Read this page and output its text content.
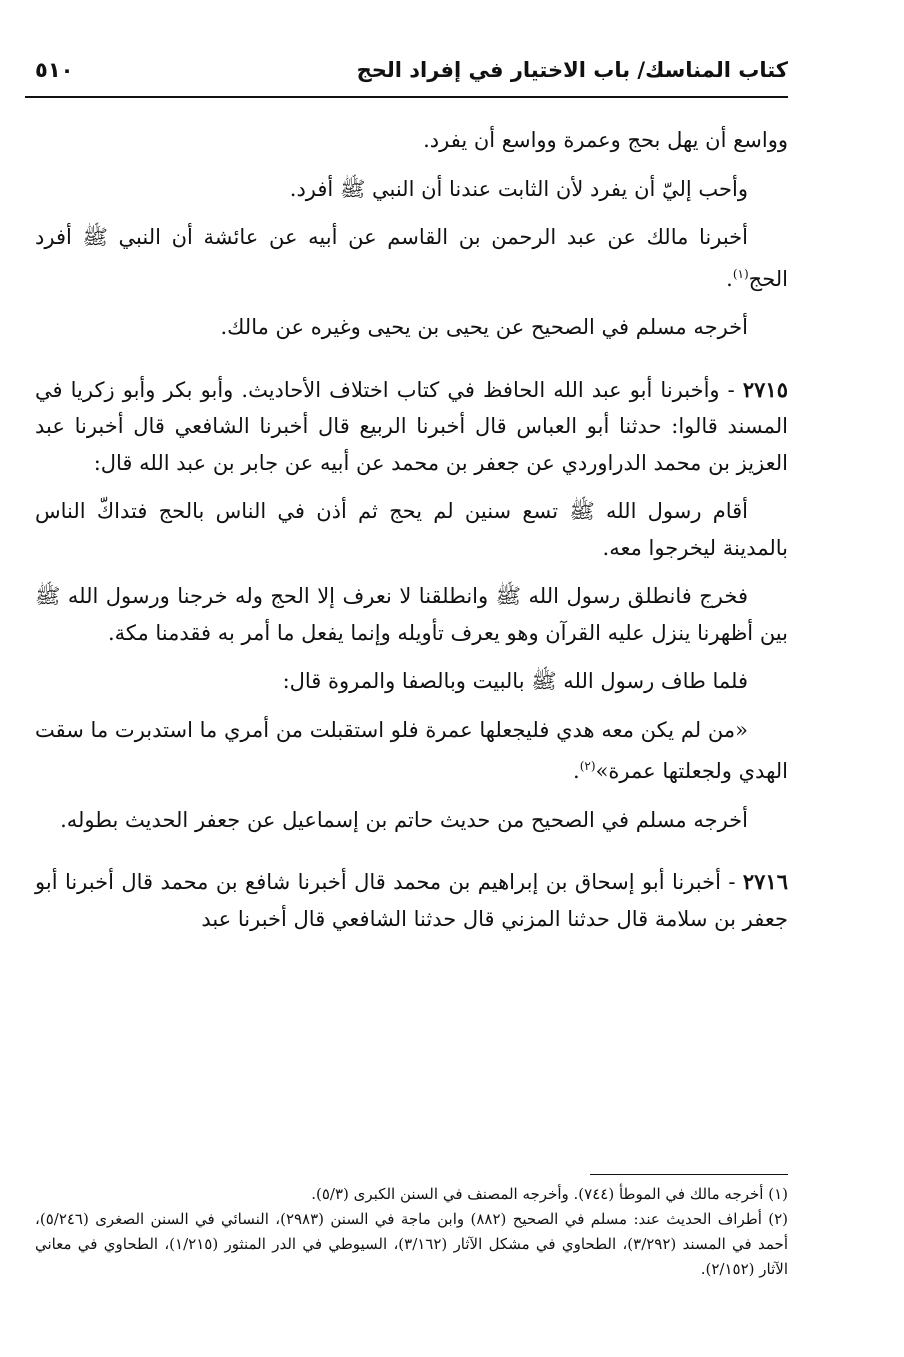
كتاب المناسك/ باب الاختيار في إفراد الحج
٥١٠

وواسع أن يهل بحج وعمرة وواسع أن يفرد.

وأحب إليّ أن يفرد لأن الثابت عندنا أن النبي ﷺ أفرد.

أخبرنا مالك عن عبد الرحمن بن القاسم عن أبيه عن عائشة أن النبي ﷺ أفرد الحج$^{(١)}$.

أخرجه مسلم في الصحيح عن يحيى بن يحيى وغيره عن مالك.

٢٧١٥ - وأخبرنا أبو عبد الله الحافظ في كتاب اختلاف الأحاديث. وأبو بكر وأبو زكريا في المسند قالوا: حدثنا أبو العباس قال أخبرنا الربيع قال أخبرنا الشافعي قال أخبرنا عبد العزيز بن محمد الدراوردي عن جعفر بن محمد عن أبيه عن جابر بن عبد الله قال:

أقام رسول الله ﷺ تسع سنين لم يحج ثم أذن في الناس بالحج فتداكّ الناس بالمدينة ليخرجوا معه.

فخرج فانطلق رسول الله ﷺ وانطلقنا لا نعرف إلا الحج وله خرجنا ورسول الله ﷺ بين أظهرنا ينزل عليه القرآن وهو يعرف تأويله وإنما يفعل ما أمر به فقدمنا مكة.

فلما طاف رسول الله ﷺ بالبيت وبالصفا والمروة قال:

«من لم يكن معه هدي فليجعلها عمرة فلو استقبلت من أمري ما استدبرت ما سقت الهدي ولجعلتها عمرة»$^{(٢)}$.

أخرجه مسلم في الصحيح من حديث حاتم بن إسماعيل عن جعفر الحديث بطوله.

٢٧١٦ - أخبرنا أبو إسحاق بن إبراهيم بن محمد قال أخبرنا شافع بن محمد قال أخبرنا أبو جعفر بن سلامة قال حدثنا المزني قال حدثنا الشافعي قال أخبرنا عبد

(١) أخرجه مالك في الموطأ (٧٤٤). وأخرجه المصنف في السنن الكبرى (٥/٣).

(٢) أطراف الحديث عند: مسلم في الصحيح (٨٨٢) وابن ماجة في السنن (٢٩٨٣)، النسائي في السنن الصغرى (٥/٢٤٦)، أحمد في المسند (٣/٢٩٢)، الطحاوي في مشكل الآثار (٣/١٦٢)، السيوطي في الدر المنثور (١/٢١٥)، الطحاوي في معاني الآثار (٢/١٥٢).
